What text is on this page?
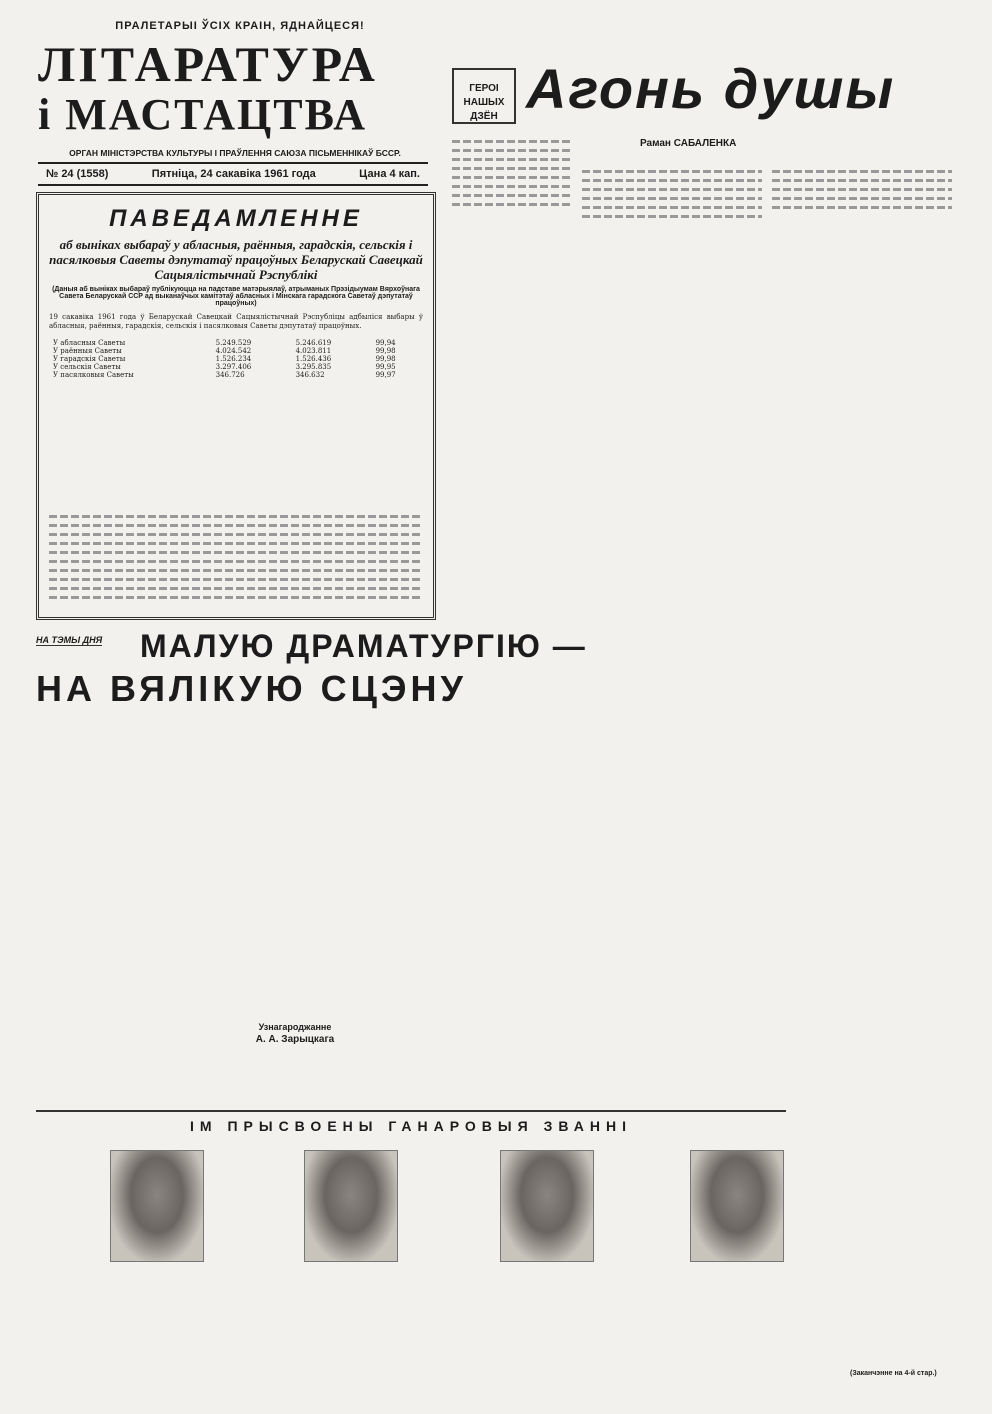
ПРАЛЕТАРЫІ ЎСІХ КРАІН, ЯДНАЙЦЕСЯ!
ЛІТАРАТУРА
і МАСТАЦТВА
ОРГАН МІНІСТЭРСТВА КУЛЬТУРЫ І ПРАЎЛЕННЯ САЮЗА ПІСЬМЕННІКАЎ БССР.
№ 24 (1558)	Пятніца, 24 сакавіка 1961 года	Цана 4 кап.
ПАВЕДАМЛЕННЕ
аб выніках выбараў у абласныя, раённыя, гарадскія, сельскія і пасялковыя Саветы дэпутатаў працоўных Беларускай Савецкай Сацыялістычнай Рэспублікі
(Даныя аб выніках выбараў публікуюцца на падставе матэрыялаў, атрыманых Прэзідыумам Вярхоўнага Савета Беларускай ССР ад выканаўчых камітэтаў абласных і Мінскага гарадскога Саветаў дэпутатаў працоўных)
19 сакавіка 1961 года ў Беларускай Савецкай Сацыялістычнай Рэспубліцы адбыліся выбары ў абласныя, раённыя, гарадскія, сельскія і пасялковыя Саветы дэпутатаў працоўных.
У абласныя Саветы	5.249.529	5.246.619	99,94
У раённыя Саветы	4.024.542	4.023.811	99,98
У гарадскія Саветы	1.526.234	1.526.436	99,98
У сельскія Саветы	3.297.406	3.295.835	99,95
У пасялковыя Саветы	346.726	346.632	99,97
ГЕРОІ НАШЫХ ДЗЁН Агонь душы
Раман САБАЛЕНКА
НА ТЭМЫ ДНЯ МАЛУЮ ДРАМАТУРГІЮ —
НА ВЯЛІКУЮ СЦЭНУ
Узнагароджанне
А. А. Зарыцкага
ІМ ПРЫСВОЕНЫ ГАНАРОВЫЯ ЗВАННІ
(Заканчэнне на 4-й стар.)
